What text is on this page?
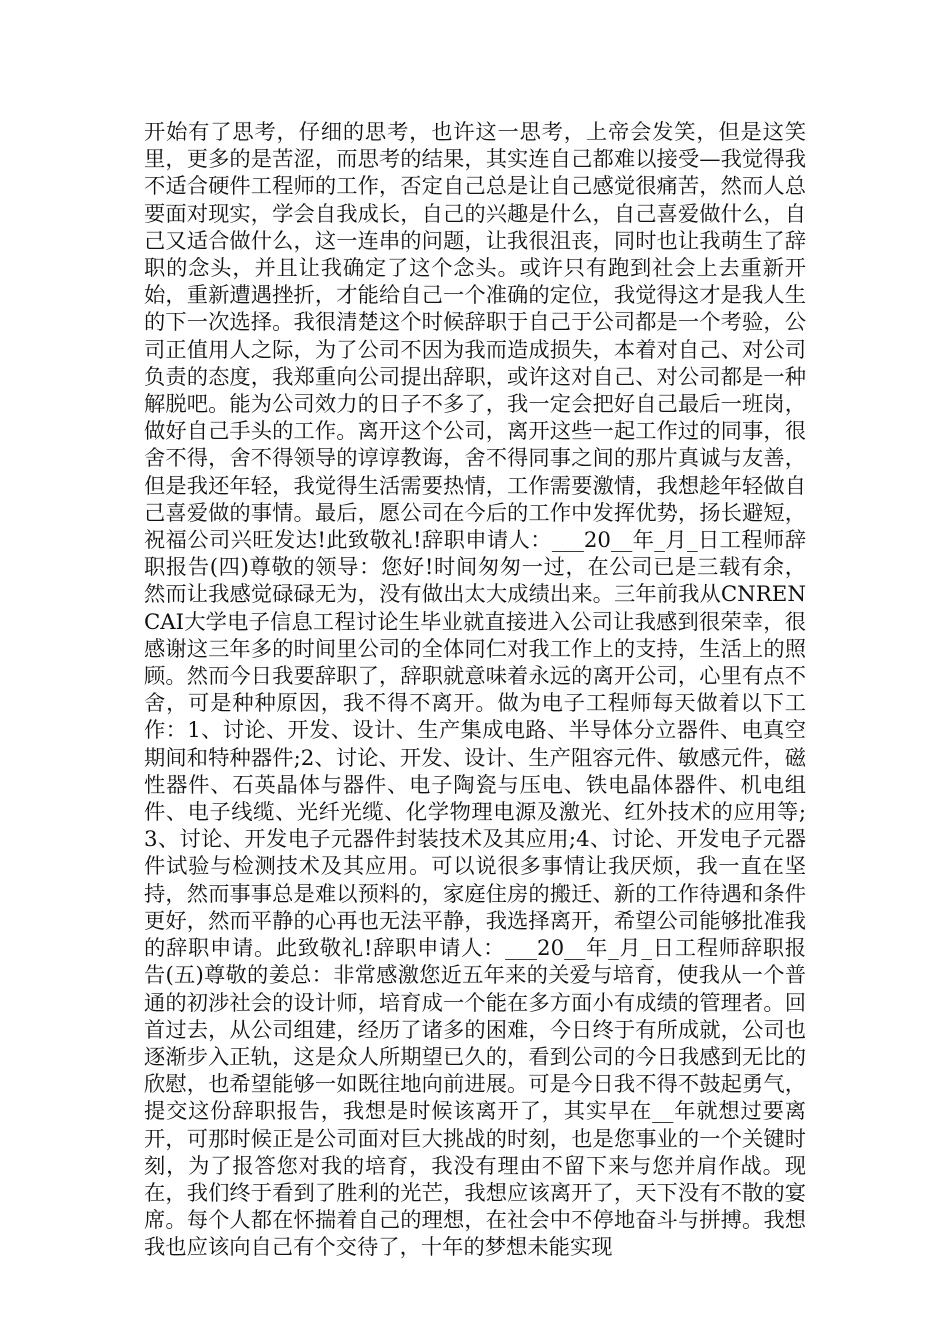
开始有了思考，仔细的思考，也许这一思考，上帝会发笑，但是这笑里，更多的是苦涩，而思考的结果，其实连自己都难以接受—我觉得我不适合硬件工程师的工作，否定自己总是让自己感觉很痛苦，然而人总要面对现实，学会自我成长，自己的兴趣是什么，自己喜爱做什么，自己又适合做什么，这一连串的问题，让我很沮丧，同时也让我萌生了辞职的念头，并且让我确定了这个念头。或许只有跑到社会上去重新开始，重新遭遇挫折，才能给自己一个准确的定位，我觉得这才是我人生的下一次选择。我很清楚这个时候辞职于自己于公司都是一个考验，公司正值用人之际，为了公司不因为我而造成损失，本着对自己、对公司负责的态度，我郑重向公司提出辞职，或许这对自己、对公司都是一种解脱吧。能为公司效力的日子不多了，我一定会把好自己最后一班岗，做好自己手头的工作。离开这个公司，离开这些一起工作过的同事，很舍不得，舍不得领导的谆谆教诲，舍不得同事之间的那片真诚与友善，但是我还年轻，我觉得生活需要热情，工作需要激情，我想趁年轻做自己喜爱做的事情。最后，愿公司在今后的工作中发挥优势，扬长避短，祝福公司兴旺发达!此致敬礼!辞职申请人：___20__年_月_日工程师辞职报告(四)尊敬的领导：您好!时间匆匆一过，在公司已是三载有余，然而让我感觉碌碌无为，没有做出太大成绩出来。三年前我从CNRENCAI大学电子信息工程讨论生毕业就直接进入公司让我感到很荣幸，很感谢这三年多的时间里公司的全体同仁对我工作上的支持，生活上的照顾。然而今日我要辞职了，辞职就意味着永远的离开公司，心里有点不舍，可是种种原因，我不得不离开。做为电子工程师每天做着以下工作：1、讨论、开发、设计、生产集成电路、半导体分立器件、电真空期间和特种器件;2、讨论、开发、设计、生产阻容元件、敏感元件，磁性器件、石英晶体与器件、电子陶瓷与压电、铁电晶体器件、机电组件、电子线缆、光纤光缆、化学物理电源及激光、红外技术的应用等;3、讨论、开发电子元器件封装技术及其应用;4、讨论、开发电子元器件试验与检测技术及其应用。可以说很多事情让我厌烦，我一直在坚持，然而事事总是难以预料的，家庭住房的搬迁、新的工作待遇和条件更好，然而平静的心再也无法平静，我选择离开，希望公司能够批准我的辞职申请。此致敬礼!辞职申请人：___20__年_月_日工程师辞职报告(五)尊敬的姜总：非常感激您近五年来的关爱与培育，使我从一个普通的初涉社会的设计师，培育成一个能在多方面小有成绩的管理者。回首过去，从公司组建，经历了诸多的困难，今日终于有所成就，公司也逐渐步入正轨，这是众人所期望已久的，看到公司的今日我感到无比的欣慰，也希望能够一如既往地向前进展。可是今日我不得不鼓起勇气，提交这份辞职报告，我想是时候该离开了，其实早在__年就想过要离开，可那时候正是公司面对巨大挑战的时刻，也是您事业的一个关键时刻，为了报答您对我的培育，我没有理由不留下来与您并肩作战。现在，我们终于看到了胜利的光芒，我想应该离开了，天下没有不散的宴席。每个人都在怀揣着自己的理想，在社会中不停地奋斗与拼搏。我想我也应该向自己有个交待了，十年的梦想未能实现
